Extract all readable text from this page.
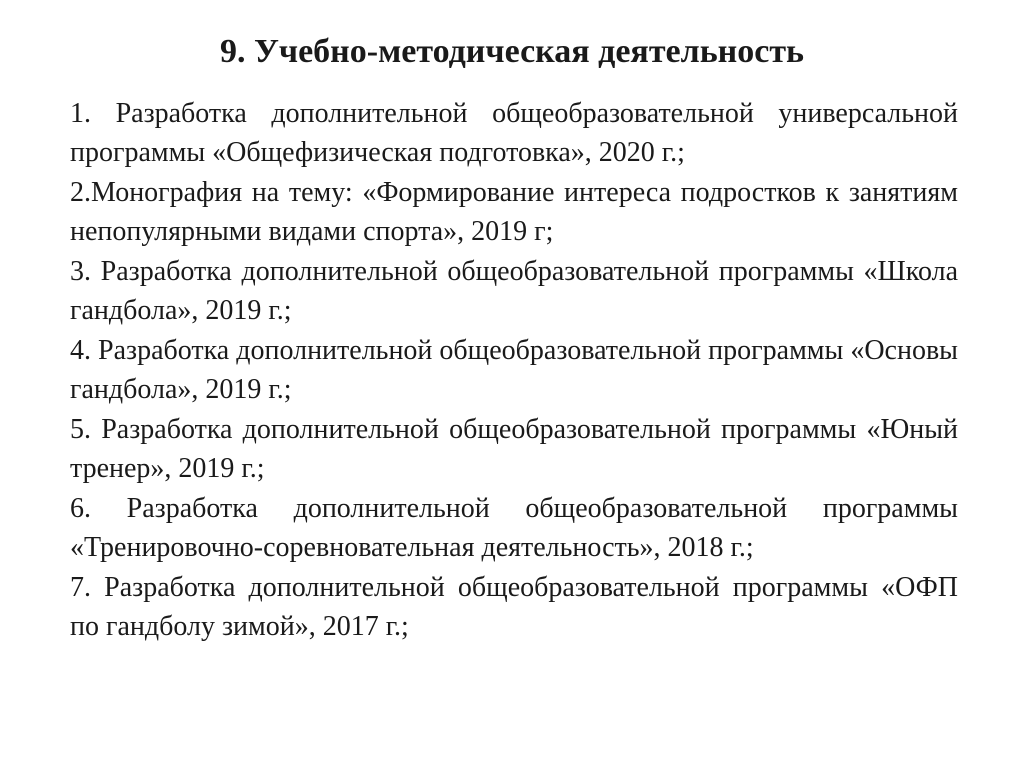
9. Учебно-методическая деятельность
1. Разработка дополнительной общеобразовательной универсальной программы «Общефизическая подготовка», 2020 г.;
2.Монография на тему: «Формирование интереса подростков к занятиям непопулярными видами спорта», 2019 г;
3. Разработка дополнительной общеобразовательной программы «Школа гандбола», 2019 г.;
4. Разработка дополнительной общеобразовательной программы «Основы гандбола», 2019 г.;
5. Разработка дополнительной общеобразовательной программы «Юный тренер», 2019 г.;
6. Разработка дополнительной общеобразовательной программы «Тренировочно-соревновательная деятельность», 2018 г.;
7. Разработка дополнительной общеобразовательной программы «ОФП по гандболу зимой», 2017 г.;
